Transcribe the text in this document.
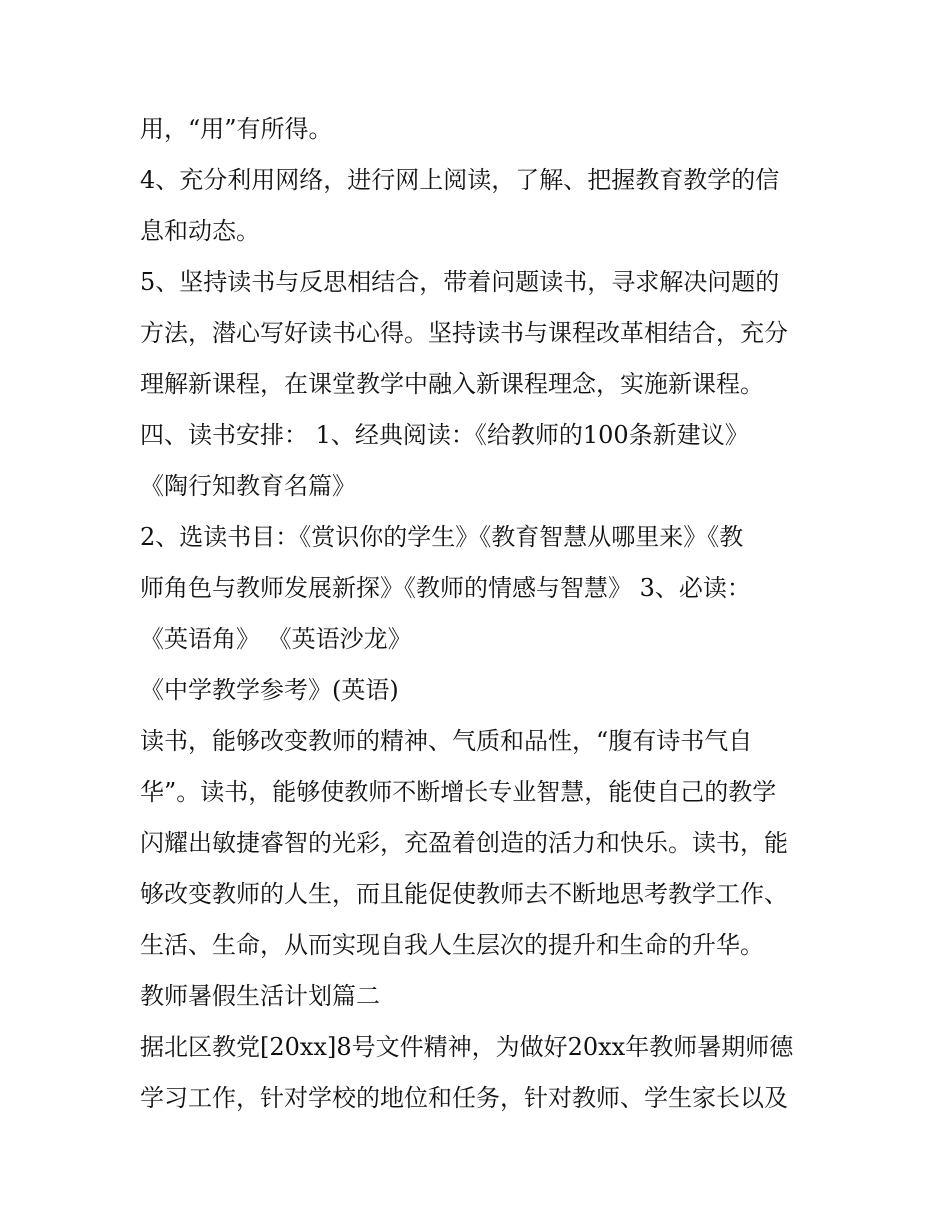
用，“用”有所得。
4、充分利用网络，进行网上阅读，了解、把握教育教学的信
息和动态。
5、坚持读书与反思相结合，带着问题读书，寻求解决问题的
方法，潜心写好读书心得。坚持读书与课程改革相结合，充分
理解新课程，在课堂教学中融入新课程理念，实施新课程。
四、读书安排： 1、经典阅读：《给教师的100条新建议》
《陶行知教育名篇》
2、选读书目：《赏识你的学生》《教育智慧从哪里来》《教
师角色与教师发展新探》《教师的情感与智慧》 3、必读：
《英语角》 《英语沙龙》
《中学教学参考》(英语)
读书，能够改变教师的精神、气质和品性，“腹有诗书气自
华”。读书，能够使教师不断增长专业智慧，能使自己的教学
闪耀出敏捷睿智的光彩，充盈着创造的活力和快乐。读书，能
够改变教师的人生，而且能促使教师去不断地思考教学工作、
生活、生命，从而实现自我人生层次的提升和生命的升华。
教师暑假生活计划篇二
据北区教党[20xx]8号文件精神，为做好20xx年教师暑期师德
学习工作，针对学校的地位和任务，针对教师、学生家长以及
